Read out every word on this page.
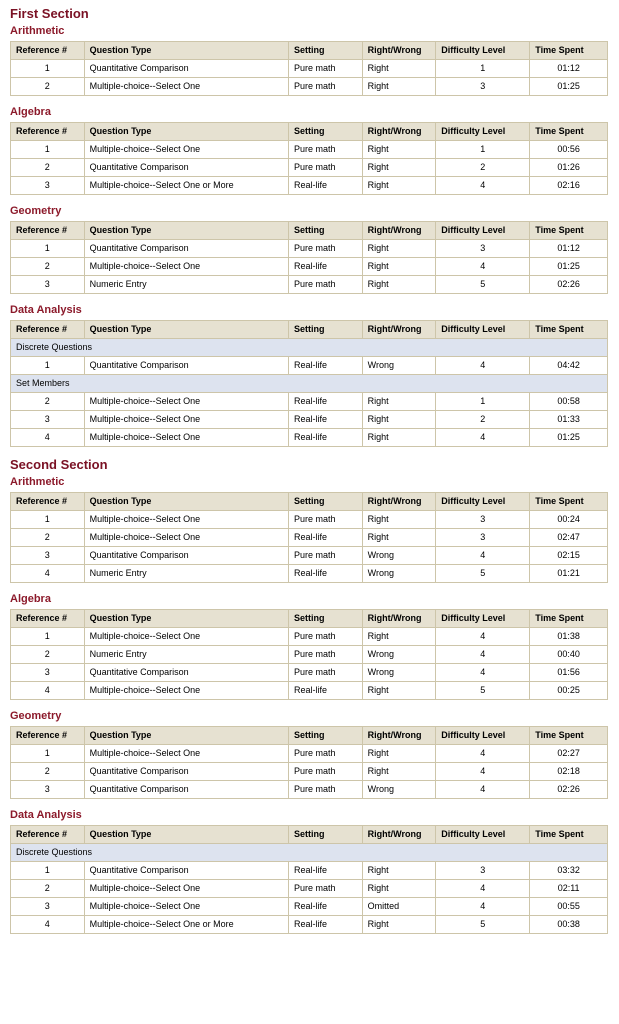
First Section
Arithmetic
Reference #	Question Type	Setting	Right/Wrong	Difficulty Level	Time Spent
1	Quantitative Comparison	Pure math	Right	1	01:12
2	Multiple-choice--Select One	Pure math	Right	3	01:25
Algebra
Reference #	Question Type	Setting	Right/Wrong	Difficulty Level	Time Spent
1	Multiple-choice--Select One	Pure math	Right	1	00:56
2	Quantitative Comparison	Pure math	Right	2	01:26
3	Multiple-choice--Select One or More	Real-life	Right	4	02:16
Geometry
Reference #	Question Type	Setting	Right/Wrong	Difficulty Level	Time Spent
1	Quantitative Comparison	Pure math	Right	3	01:12
2	Multiple-choice--Select One	Real-life	Right	4	01:25
3	Numeric Entry	Pure math	Right	5	02:26
Data Analysis
Reference #	Question Type	Setting	Right/Wrong	Difficulty Level	Time Spent
Discrete Questions					
1	Quantitative Comparison	Real-life	Wrong	4	04:42
Set Members					
2	Multiple-choice--Select One	Real-life	Right	1	00:58
3	Multiple-choice--Select One	Real-life	Right	2	01:33
4	Multiple-choice--Select One	Real-life	Right	4	01:25
Second Section
Arithmetic
Reference #	Question Type	Setting	Right/Wrong	Difficulty Level	Time Spent
1	Multiple-choice--Select One	Pure math	Right	3	00:24
2	Multiple-choice--Select One	Real-life	Right	3	02:47
3	Quantitative Comparison	Pure math	Wrong	4	02:15
4	Numeric Entry	Real-life	Wrong	5	01:21
Algebra
Reference #	Question Type	Setting	Right/Wrong	Difficulty Level	Time Spent
1	Multiple-choice--Select One	Pure math	Right	4	01:38
2	Numeric Entry	Pure math	Wrong	4	00:40
3	Quantitative Comparison	Pure math	Wrong	4	01:56
4	Multiple-choice--Select One	Real-life	Right	5	00:25
Geometry
Reference #	Question Type	Setting	Right/Wrong	Difficulty Level	Time Spent
1	Multiple-choice--Select One	Pure math	Right	4	02:27
2	Quantitative Comparison	Pure math	Right	4	02:18
3	Quantitative Comparison	Pure math	Wrong	4	02:26
Data Analysis
Reference #	Question Type	Setting	Right/Wrong	Difficulty Level	Time Spent
Discrete Questions					
1	Quantitative Comparison	Real-life	Right	3	03:32
2	Multiple-choice--Select One	Pure math	Right	4	02:11
3	Multiple-choice--Select One	Real-life	Omitted	4	00:55
4	Multiple-choice--Select One or More	Real-life	Right	5	00:38
